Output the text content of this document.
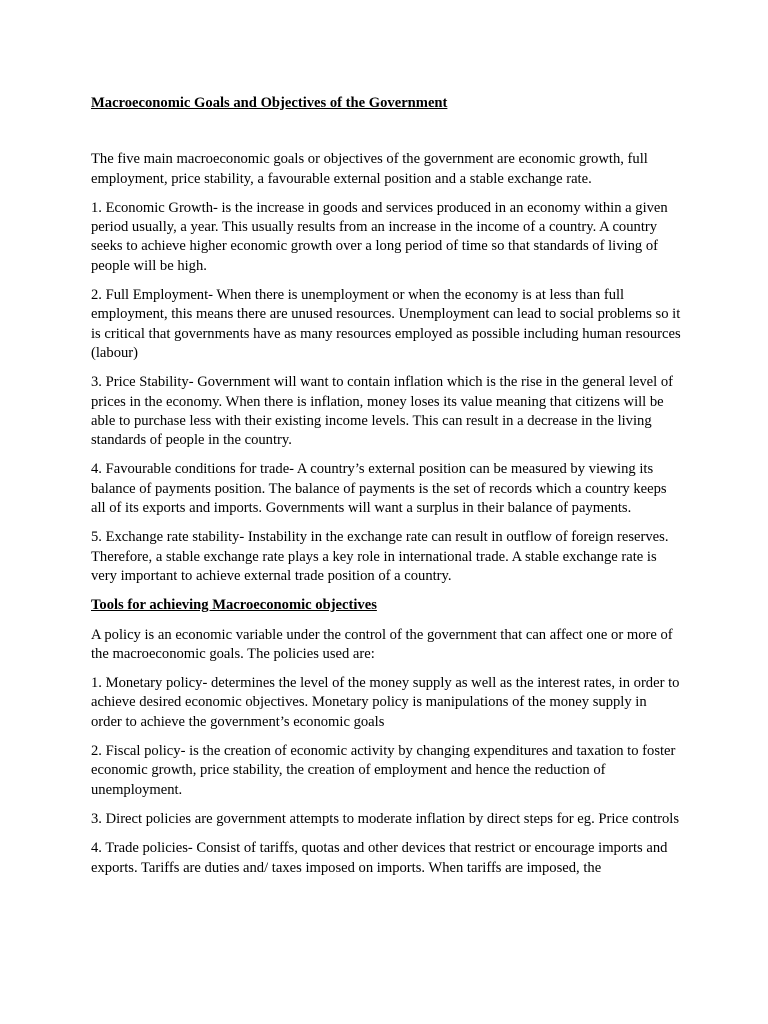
Macroeconomic Goals and Objectives of the Government

The five main macroeconomic goals or objectives of the government are economic growth, full employment, price stability, a favourable external position and a stable exchange rate.

1. Economic Growth- is the increase in goods and services produced in an economy within a given period usually, a year. This usually results from an increase in the income of a country. A country seeks to achieve higher economic growth over a long period of time so that standards of living of people will be high.

2. Full Employment- When there is unemployment or when the economy is at less than full employment, this means there are unused resources. Unemployment can lead to social problems so it is critical that governments have as many resources employed as possible including human resources (labour)

3. Price Stability- Government will want to contain inflation which is the rise in the general level of prices in the economy. When there is inflation, money loses its value meaning that citizens will be able to purchase less with their existing income levels. This can result in a decrease in the living standards of people in the country.

4. Favourable conditions for trade- A country’s external position can be measured by viewing its balance of payments position. The balance of payments is the set of records which a country keeps all of its exports and imports. Governments will want a surplus in their balance of payments.

5. Exchange rate stability- Instability in the exchange rate can result in outflow of foreign reserves. Therefore, a stable exchange rate plays a key role in international trade. A stable exchange rate is very important to achieve external trade position of a country.

Tools for achieving Macroeconomic objectives

A policy is an economic variable under the control of the government that can affect one or more of the macroeconomic goals. The policies used are:

1. Monetary policy- determines the level of the money supply as well as the interest rates, in order to achieve desired economic objectives. Monetary policy is manipulations of the money supply in order to achieve the government’s economic goals

2. Fiscal policy- is the creation of economic activity by changing expenditures and taxation to foster economic growth, price stability, the creation of employment and hence the reduction of unemployment.

3. Direct policies are government attempts to moderate inflation by direct steps for eg. Price controls

4. Trade policies- Consist of tariffs, quotas and other devices that restrict or encourage imports and exports. Tariffs are duties and/ taxes imposed on imports. When tariffs are imposed, the
